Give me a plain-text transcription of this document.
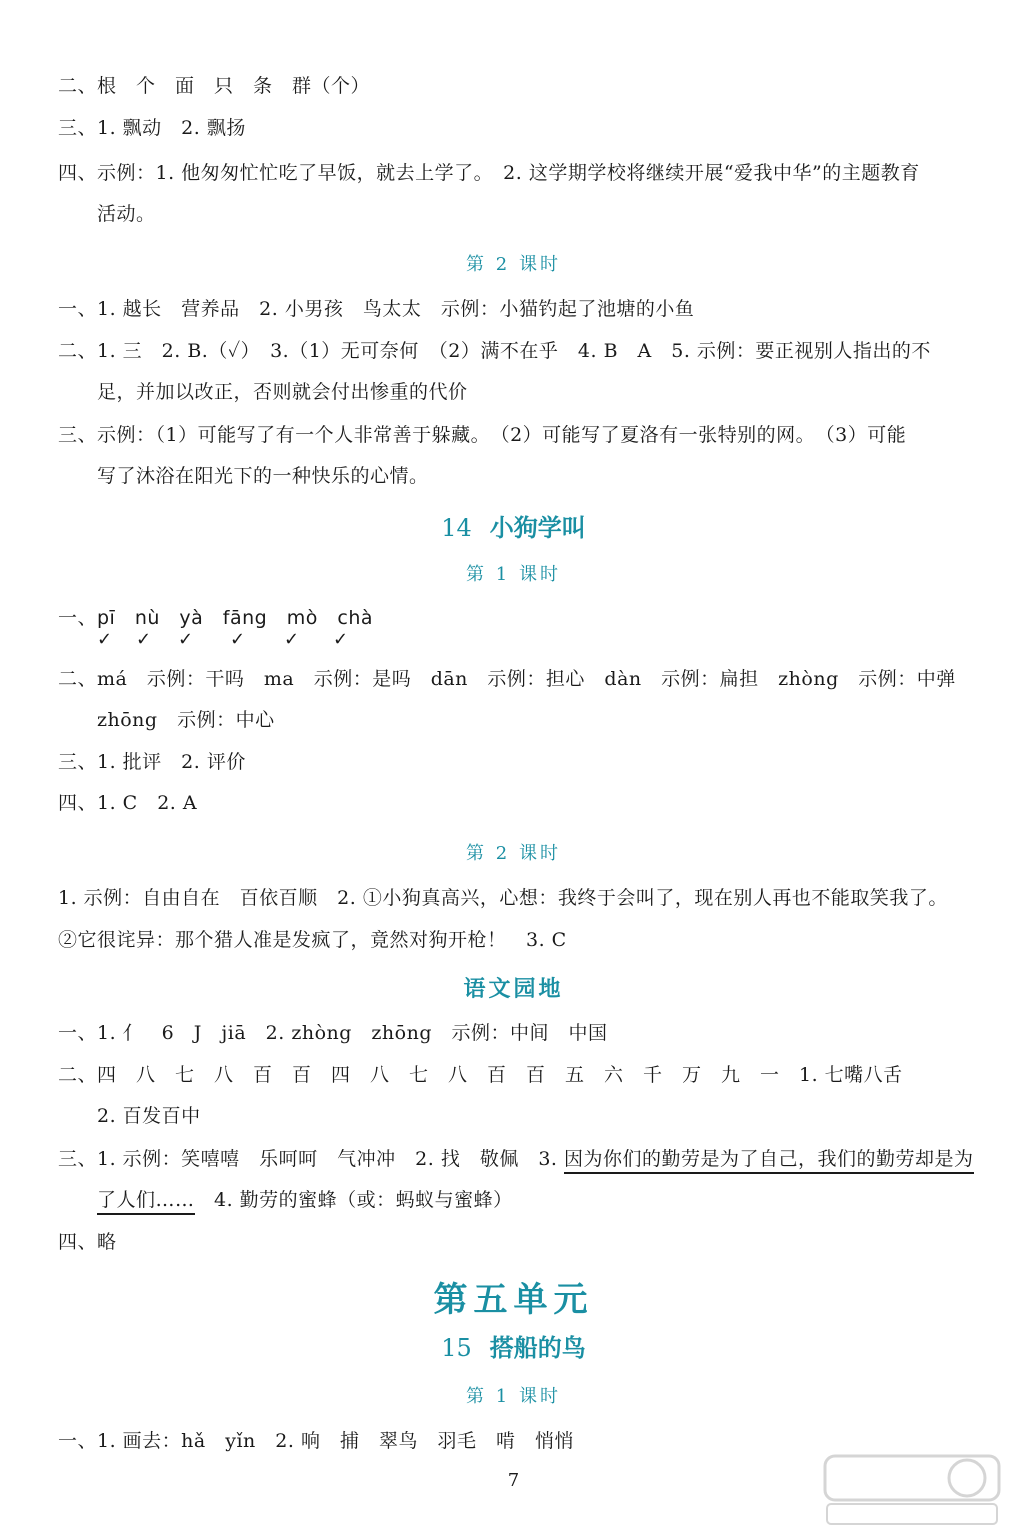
二、根　个　面　只　条　群（个）
三、1. 飘动　2. 飘扬
四、示例：1. 他匆匆忙忙吃了早饭，就去上学了。　2. 这学期学校将继续开展“爱我中华”的主题教育
活动。
第 2 课时
一、1. 越长　营养品　2. 小男孩　鸟太太　示例：小猫钓起了池塘的小鱼
二、1. 三　2. B.（✓）　3.（1）无可奈何　（2）满不在乎　4. B　A　5. 示例：要正视别人指出的不
足，并加以改正，否则就会付出惨重的代价
三、示例：（1）可能写了有一个人非常善于躲藏。　（2）可能写了夏洛有一张特别的网。　（3）可能
写了沐浴在阳光下的一种快乐的心情。
14 小狗学叫
第 1 课时
一、pī　nù　yà　fāng　mò　chà
✓ ✓ ✓ ✓ ✓ ✓
二、má　示例：干吗　ma　示例：是吗　dān　示例：担心　dàn　示例：扁担　zhòng　示例：中弹
zhōng　示例：中心
三、1. 批评　2. 评价
四、1. C　2. A
第 2 课时
1. 示例：自由自在　百依百顺　2. ①小狗真高兴，心想：我终于会叫了，现在别人再也不能取笑我了。
②它很诧异：那个猎人准是发疯了，竟然对狗开枪！　3. C
语文园地
一、1. 亻　6　J　jiā　2. zhòng　zhōng　示例：中间　中国
二、四　八　七　八　百　百　四　八　七　八　百　百　五　六　千　万　九　一　1. 七嘴八舌
2. 百发百中
三、1. 示例：笑嘻嘻　乐呵呵　气冲冲　2. 找　敬佩　3. 因为你们的勤劳是为了自己，我们的勤劳却是为
了人们……　4. 勤劳的蜜蜂（或：蚂蚁与蜜蜂）
四、略
第五单元
15 搭船的鸟
第 1 课时
一、1. 画去：hǎ　yǐn　2. 响　捕　翠鸟　羽毛　啃　悄悄
7
